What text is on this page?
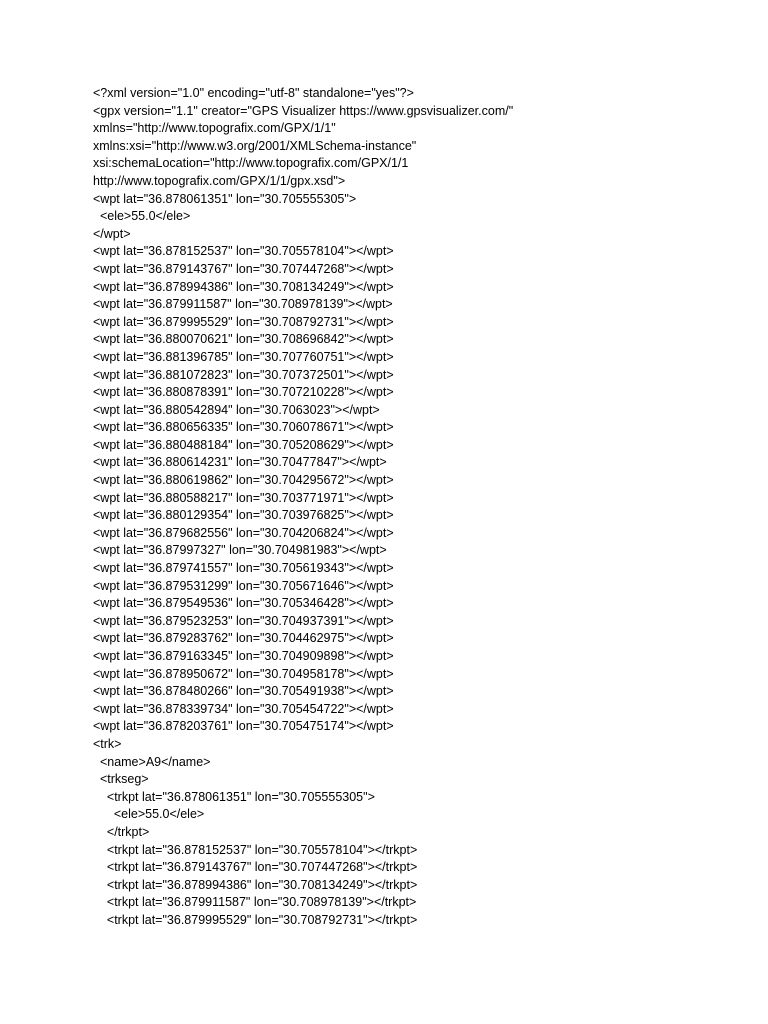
<?xml version="1.0" encoding="utf-8" standalone="yes"?>
<gpx version="1.1" creator="GPS Visualizer https://www.gpsvisualizer.com/"
xmlns="http://www.topografix.com/GPX/1/1"
xmlns:xsi="http://www.w3.org/2001/XMLSchema-instance"
xsi:schemaLocation="http://www.topografix.com/GPX/1/1
http://www.topografix.com/GPX/1/1/gpx.xsd">
<wpt lat="36.878061351" lon="30.705555305">
<ele>55.0</ele>
</wpt>
<wpt lat="36.878152537" lon="30.705578104"></wpt>
<wpt lat="36.879143767" lon="30.707447268"></wpt>
<wpt lat="36.878994386" lon="30.708134249"></wpt>
<wpt lat="36.879911587" lon="30.708978139"></wpt>
<wpt lat="36.879995529" lon="30.708792731"></wpt>
<wpt lat="36.880070621" lon="30.708696842"></wpt>
<wpt lat="36.881396785" lon="30.707760751"></wpt>
<wpt lat="36.881072823" lon="30.707372501"></wpt>
<wpt lat="36.880878391" lon="30.707210228"></wpt>
<wpt lat="36.880542894" lon="30.7063023"></wpt>
<wpt lat="36.880656335" lon="30.706078671"></wpt>
<wpt lat="36.880488184" lon="30.705208629"></wpt>
<wpt lat="36.880614231" lon="30.70477847"></wpt>
<wpt lat="36.880619862" lon="30.704295672"></wpt>
<wpt lat="36.880588217" lon="30.703771971"></wpt>
<wpt lat="36.880129354" lon="30.703976825"></wpt>
<wpt lat="36.879682556" lon="30.704206824"></wpt>
<wpt lat="36.87997327" lon="30.704981983"></wpt>
<wpt lat="36.879741557" lon="30.705619343"></wpt>
<wpt lat="36.879531299" lon="30.705671646"></wpt>
<wpt lat="36.879549536" lon="30.705346428"></wpt>
<wpt lat="36.879523253" lon="30.704937391"></wpt>
<wpt lat="36.879283762" lon="30.704462975"></wpt>
<wpt lat="36.879163345" lon="30.704909898"></wpt>
<wpt lat="36.878950672" lon="30.704958178"></wpt>
<wpt lat="36.878480266" lon="30.705491938"></wpt>
<wpt lat="36.878339734" lon="30.705454722"></wpt>
<wpt lat="36.878203761" lon="30.705475174"></wpt>
<trk>
<name>A9</name>
<trkseg>
<trkpt lat="36.878061351" lon="30.705555305">
<ele>55.0</ele>
</trkpt>
<trkpt lat="36.878152537" lon="30.705578104"></trkpt>
<trkpt lat="36.879143767" lon="30.707447268"></trkpt>
<trkpt lat="36.878994386" lon="30.708134249"></trkpt>
<trkpt lat="36.879911587" lon="30.708978139"></trkpt>
<trkpt lat="36.879995529" lon="30.708792731"></trkpt>
